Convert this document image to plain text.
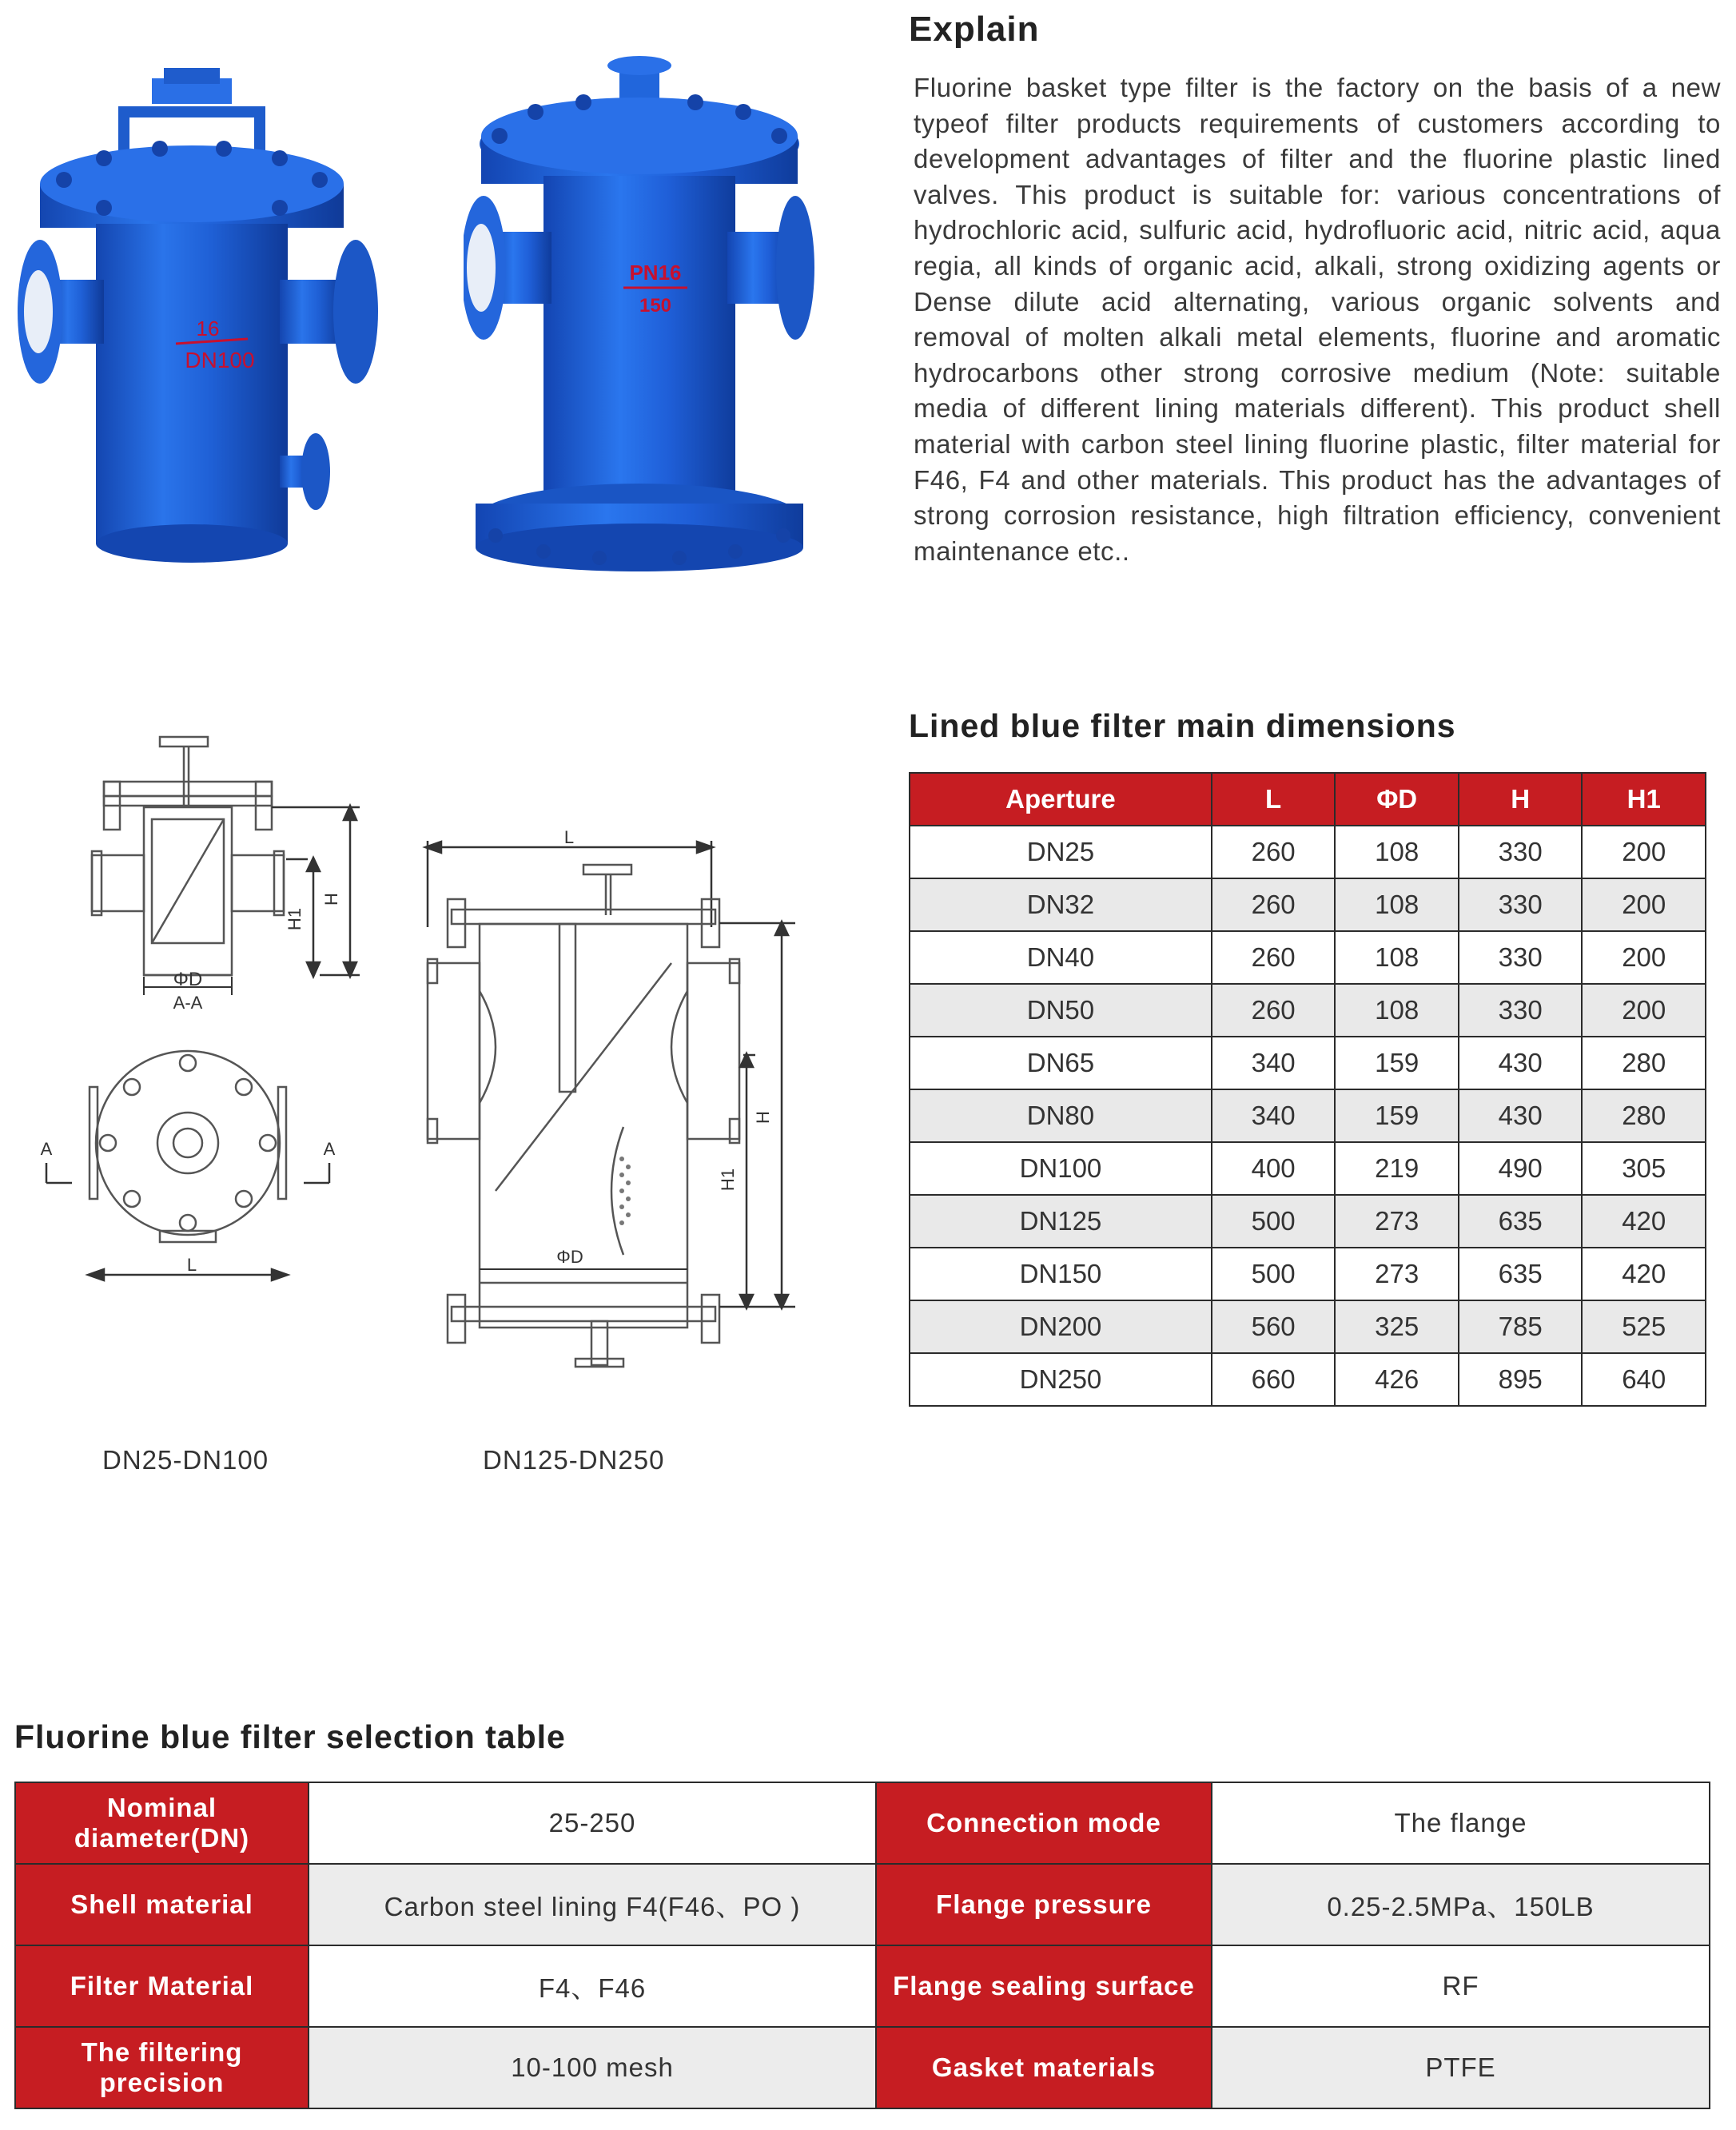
16
DN100
PN16
150
Explain
Fluorine basket type filter is the factory on the basis of a new typeof filter products requirements of customers according to development advantages of filter and the fluorine plastic lined valves. This product is suitable for: various concentrations of hydrochloric acid, sulfuric acid, hydrofluoric acid, nitric acid, aqua regia, all kinds of organic acid, alkali, strong oxidizing agents or Dense dilute acid alternating, various organic solvents and removal of molten alkali metal elements, fluorine and aromatic hydrocarbons other strong corrosive medium (Note: suitable media of different lining materials different). This product shell material with carbon steel lining fluorine plastic, filter material for F46, F4 and other materials. This product has the advantages of strong corrosion resistance, high filtration efficiency, convenient maintenance etc..
H
H1
ΦD
A-A
A	A
L
DN25-DN100
L
ΦD
H
H1
DN125-DN250
Lined blue filter main dimensions
Aperture	L	ΦD	H	H1
DN25	260	108	330	200
DN32	260	108	330	200
DN40	260	108	330	200
DN50	260	108	330	200
DN65	340	159	430	280
DN80	340	159	430	280
DN100	400	219	490	305
DN125	500	273	635	420
DN150	500	273	635	420
DN200	560	325	785	525
DN250	660	426	895	640
Fluorine blue filter selection table
Nominal diameter(DN)	25-250	Connection mode	The flange
Shell material	Carbon steel lining F4(F46、PO )	Flange pressure	0.25-2.5MPa、150LB
Filter Material	F4、F46	Flange sealing surface	RF
The filtering precision	10-100 mesh	Gasket materials	PTFE
